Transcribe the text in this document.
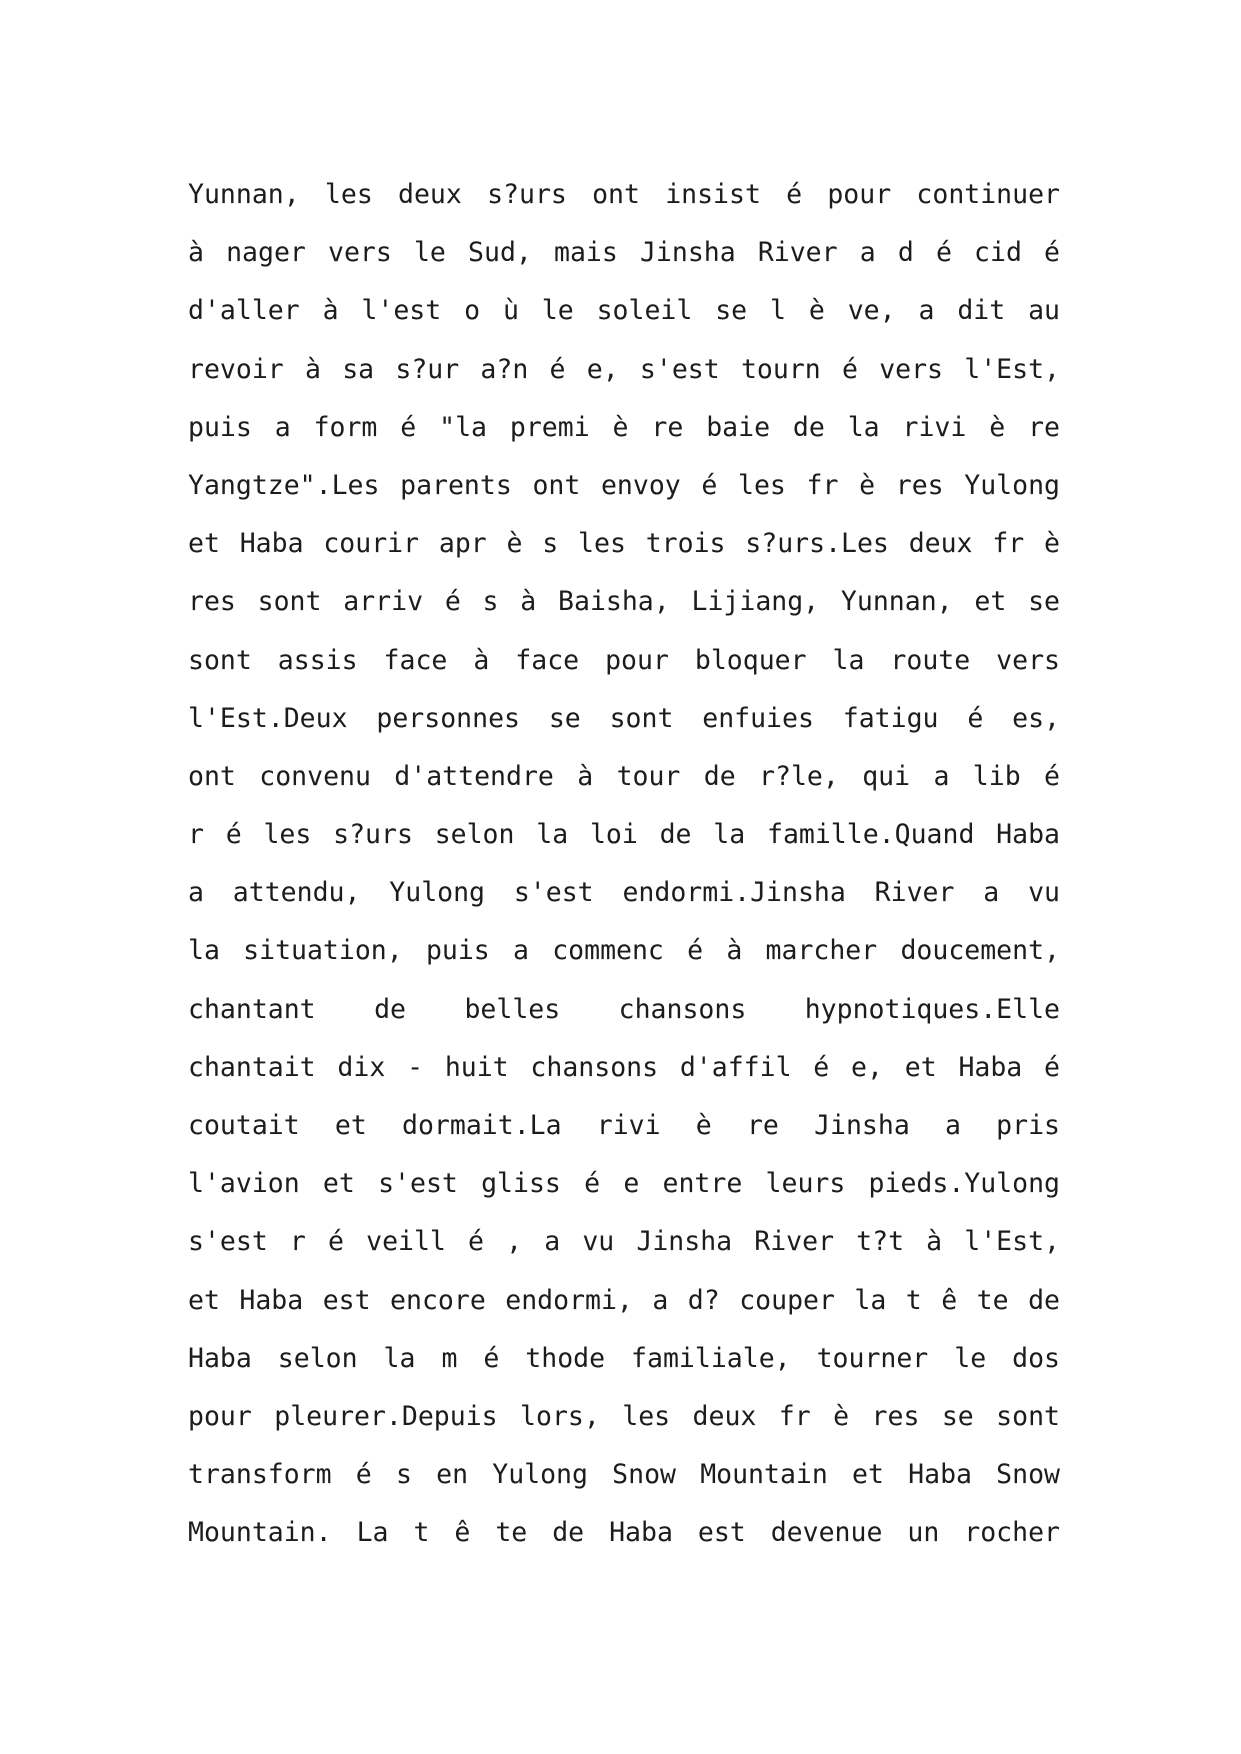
Yunnan, les deux s?urs ont insist é pour continuer
à nager vers le Sud, mais Jinsha River a d é cid é
d'aller à l'est o ù le soleil se l è ve, a dit au
revoir à sa s?ur a?n é e, s'est tourn é vers l'Est,
puis a form é "la premi è re baie de la rivi è re
Yangtze".Les parents ont envoy é les fr è res Yulong
et Haba courir apr è s les trois s?urs.Les deux fr è
res sont arriv é s à Baisha, Lijiang, Yunnan, et se
sont assis face à face pour bloquer la route vers
l'Est.Deux personnes se sont enfuies fatigu é es,
ont convenu d'attendre à tour de r?le, qui a lib é
r é les s?urs selon la loi de la famille.Quand Haba
a attendu, Yulong s'est endormi.Jinsha River a vu
la situation, puis a commenc é à marcher doucement,
chantant de belles chansons hypnotiques.Elle
chantait dix - huit chansons d'affil é e, et Haba é
coutait et dormait.La rivi è re Jinsha a pris
l'avion et s'est gliss é e entre leurs pieds.Yulong
s'est r é veill é , a vu Jinsha River t?t à l'Est,
et Haba est encore endormi, a d? couper la t ê te de
Haba selon la m é thode familiale, tourner le dos
pour pleurer.Depuis lors, les deux fr è res se sont
transform é s en Yulong Snow Mountain et Haba Snow
Mountain. La t ê te de Haba est devenue un rocher
